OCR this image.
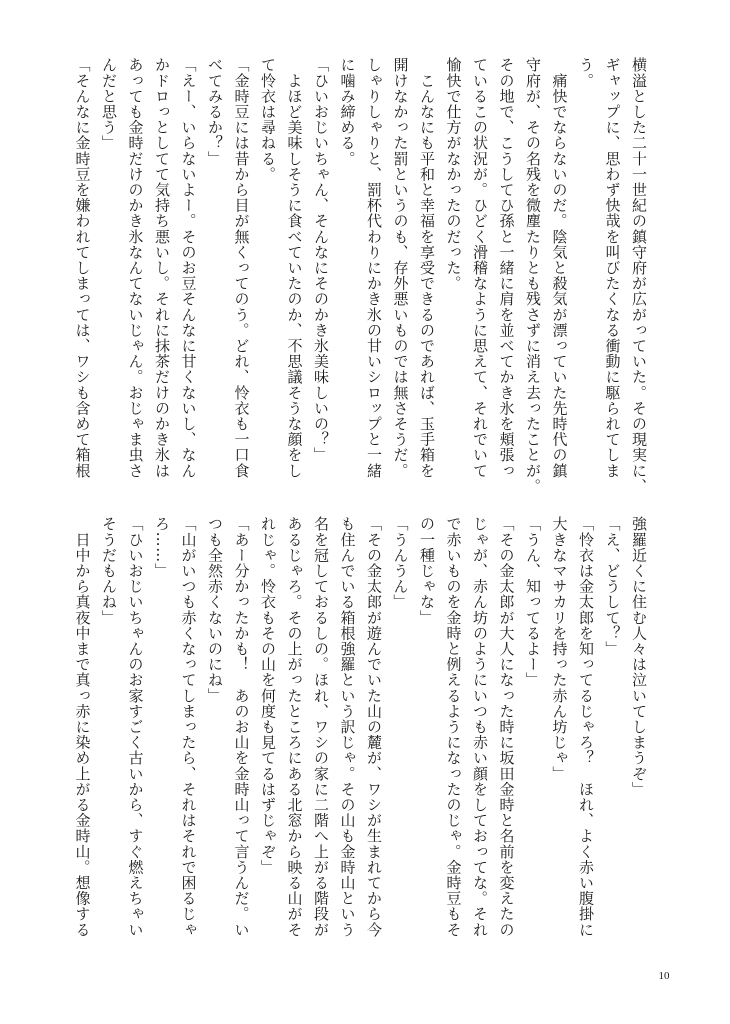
横溢とした二十一世紀の鎮守府が広がっていた。その現実に、
ギャップに、思わず快哉を叫びたくなる衝動に駆られてしま
う。
　痛快でならないのだ。陰気と殺気が漂っていた先時代の鎮
守府が、その名残を微塵たりとも残さずに消え去ったことが。
その地で、こうしてひ孫と一緒に肩を並べてかき氷を頬張っ
ているこの状況が。ひどく滑稽なように思えて、それでいて
愉快で仕方がなかったのだった。
　こんなにも平和と幸福を享受できるのであれば、玉手箱を
開けなかった罰というのも、存外悪いものでは無さそうだ。
しゃりしゃりと、罰杯代わりにかき氷の甘いシロップと一緒
に噛み締める。
「ひいおじいちゃん、そんなにそのかき氷美味しいの？」
　よほど美味しそうに食べていたのか、不思議そうな顔をし
て怜衣は尋ねる。
「金時豆には昔から目が無くってのう。どれ、怜衣も一口食
べてみるか？」
「えー、いらないよー。そのお豆そんなに甘くないし、なん
かドロっとしてて気持ち悪いし。それに抹茶だけのかき氷は
あっても金時だけのかき氷なんてないじゃん。おじゃま虫さ
んだと思う」
「そんなに金時豆を嫌われてしまっては、ワシも含めて箱根
強羅近くに住む人々は泣いてしまうぞ」
「え、どうして？」
「怜衣は金太郎を知ってるじゃろ？　ほれ、よく赤い腹掛に
大きなマサカリを持った赤ん坊じゃ」
「うん、知ってるよー」
「その金太郎が大人になった時に坂田金時と名前を変えたの
じゃが、赤ん坊のようにいつも赤い顔をしておってな。それ
で赤いものを金時と例えるようになったのじゃ。金時豆もそ
の一種じゃな」
「うんうん」
「その金太郎が遊んでいた山の麓が、ワシが生まれてから今
も住んでいる箱根強羅という訳じゃ。その山も金時山という
名を冠しておるしの。ほれ、ワシの家に二階へ上がる階段が
あるじゃろ。その上がったところにある北窓から映る山がそ
れじゃ。怜衣もその山を何度も見てるはずじゃぞ」
「あー分かったかも！　あのお山を金時山って言うんだ。い
つも全然赤くないのにね」
「山がいつも赤くなってしまったら、それはそれで困るじゃ
ろ……」
「ひいおじいちゃんのお家すごく古いから、すぐ燃えちゃい
そうだもんね」
　日中から真夜中まで真っ赤に染め上がる金時山。想像する
10
